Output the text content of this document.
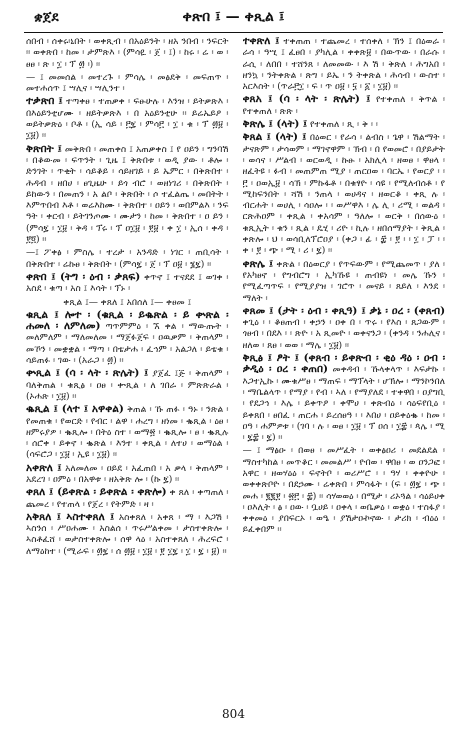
ቋጀደ	ቀጽበ ፤ — ቀጺል ፤

ሰበብ ፡ ሰቀሩ፡ኒበት ፡ ወቀጺብ ፡ በአዕይንት ፡ ዘአ ንበብ ፡ ንፍርት ፡፡ ወቀጽበ ፡ ከመ ፡ ታምጽእ ፡ (ምሳዪ ፡ ጀ ፡ ፤) ፡ ከሩ ፡ ሬ ፡ ወ ፡ ፀፀ ፡ ጽ ፡ ፲ ፡ ፕ ፴ ፡) ፡፡

— ፤ መመሰል ፡ መተረጉ ፡ ምሳሌ ፡ መፅደቅ ፡ መፍጠጥ ፡ መተሐሰጥ ፤ ሣሊና ፡ ሣሊንተ ፡

ተቃጽበ ፤ ተጣቀፀ ፡ ተጠቃቀ ፡ ፍፁሁሉ ፡ እንዝ ፡ ይትቃጽእ ፡ በእዕይንቲሆሙ ፡ ዘይትቃጽእ ፡ በ አዕይንቲሁ ፡፡ ይሬኤይዖ ፡ ወይትቃጽዕ ፡ ቦቶ ፡ (ኢ ሳይ ፡ ፫፯ ፡ ምሳ፫ ፡ ፲ ፡ ቁ ፡ ፕ ፴፱ ፡ ፲፱) ፡፡

ቅጽበት ፤ መቅጽበ ፡ መጠቀስ ፤ አጠቃቀስ ፤ የ ዐይን ፡ ግንባሽ ፡ በቆውመ ፡ ፍጥንት ፡ ጊዜ ፤ ቅጽበቱ ፡ ወዲ ያው ፡ ቶሎ ፡ ድንገት ፡ ጥቂት ፡ ሳይቆይ ፡ ሳይዘገይ ፡ ይ ኤምር ፡ በቅጽበተ ፡ ሕዳብ ፡ ዘበሀ ፡ ፀጊዜሁ ፡ ይጎ ብሮ ፡ ወዘነገሪ ፡ በቅጽበት ፡ ይከውን ፡ በመጠን ፡ አ ልቦ ፡ ቅጽበት ፡ ሶ ተፈልጤ ፡ መበትት ፡ እምጥበብ እቶ ፡ ወሬእከሙ ፡ ቅጽበተ ፡ ዐይን ፡ ወበምልእ ፡ ንፍ ዓት ፡ ቀርብ ፡ ይትገንጦሙ ፡ ሙታን ፡ ከመ ፡ ቅጽበተ ፡ ዐ ይን ፡ (ምሳ፯ ፡ ፲፱ ፡ ቅዳ ፡ ፕሩ ፡ ፕ ዐ፲፱ ፡ ፻፱ ፡ ቀ ፲ ፡ ኢሰ ፡ ቀዳ ፡ ፻፬) ፡፡

—፤ ፖቀፅ ፡ ምስሌ ፡ ተረታ ፡ አንዳድ ፡ ነገር ፡ ጠቢሳት ፡ በቅጽበተ ፡ ሬኩፀ ፡ ቅጽበት ፡ (ምሳ፯ ፡ ጀ ፡ ፕ ዐ፱ ፡ ፮፯) ፡፡

ቀጽበ ፤ (ትግ ፡ ዕብ ፡ ቃጸፍ) ቀጥኖ ፤ ተናደደ ፤ ወገቀ ፡ አስደ ፡ ቁጣ ፡ አስ ፤ እሳት ፡ ፕኑ ፡

ቀጺል ፤— ቀጸለ ፤ አበሰለ ፤— ቀፀመ ፤

ቁጺል ፤ ሎተ ፡ (ቁጺል ፡ ይቈጽል ፡ ይ ቍጽል ፡ ሐመለ ፡ ለምለመ) ጣጥምምዕ ፡ ኧ ቀል ፡ ማውጡት ፡ መለምለም ፡ ማለመለመ ፡ ማጀፉጀፍ ፡ ዐዉቃም ፡ ቅጠላም ፡ መኾን ፡ መቋቋል ፡ ማጣ ፡ በቴታሐ ፡ ፈኅም ፡ አልጋለ ፡ ይቴቁ ፡ ሳይጠፉ ፡ ገው ፡ (አራጋ ፡ ፴) ፡፡

ቍጺል ፤ (ሳ ፡ ላት ፡ ጽሌት) ፤ ያጀፈ ፤ጅ ፡ ቅጠላም ፡ ባለቅጠል ፡ ቁጺፅ ፡ ዐፀ ፡ ቍጺል ፡ ለ ገበራ ፡ ምጽጽራል ፡ (ኦሐጽ ፡ ፲፱) ፡፡

ቈጺል ፤ (ላተ ፤ አዋቀል) ቅጠል ፡ ኹ ጠፉ ፡ ዓኑ ፡ ንጽል ፡ የመጠቁ ፡ የወርድ ፡ የብር ፡ ልዋ ፡ ሐረግ ፡ ዘነመ ፡ ቈጺል ፡ ዕፀ ፡ ዘምሩያዎ ፡ ቈጺሎ ፡ በትዕ ስተ ፡ ወማ፳ ፡ ቈጺሎ ፡ ፀ ፡ ቈጺሉ ፡ ሰሮቀ ፡ ይቀኖ ፡ ቈጽል ፡ እንተ ፡ ቀጺል ፡ ለተሀ ፡ ወማዕል ፡ (ሳፍሮጋ ፡ ፲፱ ፡ ኢዩ ፡ ፲፱) ፡፡

አቀጽለ ፤ አለመለመ ፡ ዐይደ ፡ አፈጠበ ፡ አ ቃላ ፡ ቅጠላም ፡ አደረገ ፡ ዐምዕ ፡ በአዋቱ ፡ ዘአቅጽ ሎ ፡ (ኩ ፯) ፡፡

ቀጸለ ፤ (ይቀጽል ፡ ይቀጽል ፡ ቀጽሎ) ቀ ጸለ ፡ ቀጣጠለ ፡ ጨመረ ፡ የተጠላ ፡ የጀረ ፡ የትምድ ፡ ዛ ፡

አቅጸለ ፤ ኣስተቀጸለ ፤ አስቀጸለ ፡ አቀጸ ፡ ማ ፡ እጋሽ ፡ ኣስንሰ ፡ ሥዐሐሙ ፡ አስልሰ ፡ ጥሩሥልቀመ ፡ ታስተቀጽሎ ፡ ኣስቶፈሸ ፡ ወታስተቀጽሎ ፡ ሰዋ ላዕ ፡ አስተቀጸለ ፡ ሕረፍሮ ፡ ለማዕከተ ፡ (ሚራፍ ፡ ፴፯ ፡ ሰ ፴፱ ፡ ፲፱ ፡ ፻ ፲፯ ፡ ፲ ፡ ፯ ፡ ፱) ፡፡

ተቀጽለ ፤ ተቀጠጠ ፡ ተጨመረ ፡ ተሰቀለ ፡ ኽን ፤ በዕወራ ፡ ራሳ ፡ ዓሢ ፤ ፈፀበ ፡ ያካሊል ፡ ቀቀጽ፱ ፡ በውጥው ፡ በራሱ ፡ ራሲ ፡ ለበበ ፡ ተሸንጸ ፡ ለመመው ፡ እ ሽ ፡ ቅጽለ ፡ ሕግአበ ፡ ዘንኳ ፡ ንትቀጽል ፡ ጽግ ፡ ይኤ ፡ ን ትቀጽል ፡ ሕሳብ ፡ ውስተ ፡ አርእስት ፡ (ጥራ፫፲ ፡ ፍ ፡ ጥ ዐ፱ ፡ ፶ ፡ ፩ ፡ ፲፱) ፡፡

ቀጸአ ፤ (ሳ ፡ ላት ፡ ጽሌት) ፤ የተቀጠለ ፡ ቅጥል ፡ የተቀጠለ ፡ ጽጽ ፡

ቅጽሌ ፤ (ላት) ፤ የተቀጠለ ፡ ጺ ፡ ቅ ፡ ፡

ቅጸል ፤ (ላት) ፤ በዕወር ፡ የራሳ ፡ ልብስ ፡ ጌዋ ፡ ሽልማት ፡ ታናጽም ፡ ታሳወም ፡ ማገኖዋም ፡ ኽብ ፡ በ የወመሮ ፡ በያይታት ፡ ወሳና ፡ ሥልብ ፡ ወርወዲ ፡ ኩፁ ፡ አክሊላ ፡ ዘወፀ ፡ ዋፀላ ፡ ዘፈትዩ ፡ ፉብ ፡ መጠምጠ ሚያ ፡ ጠርዐወ ፡ ባርኤ ፡ የወርያ ፡ ፡ ፫ ፡ ዐወኢ፱ ፡ ሳኽ ፡ ምኩፋቶ ፡ በቁፃዮ ፡ ሳዩ ፡ የሚለብሰቶ ፡ የ ሚከፍንበት ፡ ሻሽ ፡ ንጠላ ፡ ወሀዳና ፡ ዘወርቆ ፡ ቀጺ ሉ ፡ ብርሐት ፡ ወሀሊ ፡ ሳዐሎ ፡ ፡ ወሥዋእ ፡ ሌ ሊ ፡ ሪሚ ፡ ወልዳ ፡ ርጽሕዐም ፡ ቀጺል ፡ ቀአሳም ፡ ዓለሎ ፡ ወርቅ ፡ በሰውዕ ፡ ቁጺኢት ፡ ቁን ፡ ጺል ፡ ዴሂ ፡ ሪዮ ፡ ኪሉ ፡ ዘበሰማያት ፡ ቅጺል ፡ ቀጽሎ ፡ ህ ፡ ወሳቢለፕሮዐያ ፡ (ቀጋ ፡ ፊ ፡ ፰ ፡ ፻ ፡ ፡ ፲ ፡ ፓ ፡ ፡ ቀ ፡ ፻ ፡ ጭ ፡ ሚ ፡ ሪ ፡ ፯) ፡፡

ቀጽሌ ፤ ቀጽል ፡ በዕወርያ ፡ የጥፍውም ፡ የሚጨመጥ ፡ ያለ ፡ የአካፀኖ ፡ የግብሮግ ፡ ኢካኹዩ ፡ ጠብዩነ ፡ መሌ ኹን ፡ የሚፈጣጥፍ ፡ የሚያያዝ ፡ ገሮጥ ፡ መናይ ፡ ጸይለ ፡ እንደ ፡ ማለት ፡

ቀጸመ ፤ (ታት ፡ ዕብ ፡ ቀጺዓ) ፤ ቃኔ ፡ ዐረ ፡ (ቀጸብ) ቀጊዕ ፡ ፡ ቆፀጠብ ፡ ቀኃን ፡ ዐቀ በ ፡ ጥሩ ፡ የእስ ፡ ጸጋውም ፡ ጎፀብ ፡ በደእ ፡ ፡ ጽዮ ፡ አ ጺመዮ ፡ ወቀናንጋ ፡ (ቀንዳ ፡ ንሐሊና ፡ ዘለወ ፡ ጸፀ ፡ ወወ ፡ ማሌ ፡ ፲፱) ፡፡

ቅጺፅ ፤ ፆት ፤ (ቀጸብ ፡ ይቀጽብ ፡ ቂዕ ዳዕ ፡ ዐብ ፡ ቃዲዕ ፡ ዐረ ፡ ቀጠበ) መቀዳብ ፡ ኹላቀላጥ ፡ እፍታኩ ፡ እጋተኢኩ ፡ ሙቁሥፀ ፡ ማጠፍ ፡ ማፕላት ፡ ሆኽሎ ፡ ማንኮንበለ ፡ ማቤልላጥ ፡ የማያ ፡ የብ ፡ ኣለ ፡ የማያለደ ፡ ተቀዋበ ፡ ዐያግቢ ፡ የደጋኅ ፡ እሌ ፡ ይቀጥዖ ፡ ቀሞሀ ፡ ቀጽብዕ ፡ ሳዕፍየቢዕ ፡ ይቀጸበ ፡ ፀበፈ ፡ ጠርሐ ፡ ይረሰፀዓ ፡ ፡ እበሀ ፡ ዐይቀዕቈ ፡ ከመ ፡ ዐዓ ፡ ሐምዎቱ ፡ (ገባ ፡ ሉ ፡ ወፀ ፡ ፲፱ ፡ ፕ ዐሰ ፡ ፲፰ ፡ ጳሌ ፡ ሚ ፡ ፯፰ ፡ ፯) ፡፡

— ፤ ማፅዑ ፡ በወፀ ፡ መሥፈት ፡ ወቀፅዐሪ ፡ መደልደል ፡ ማስተካከል ፡ መጥቆር ፡ መመልሥ ፡ ዮበወ ፡ ዋበፀ ፡ ወ ዐንጋፎ ፡ አዋር ፡ ዘወሃዕዕ ፡ ፍኖትቦ ፡ ወሪሥሮ ፡ ፡ ዓሃ ፡ ቀቀዮሁ ፡ ወቀቀጽቦዮ ፡ በደኃሙ ፡ ሬቀጽበ ፡ ምሳፋት ፡ (ፍ ፡ ፴፯ ፡ ጭ ፡ መሐ ፡ ፪፪፻ ፡ ፳፫ ፡ ፰) ፡፡ ሳሃወወዕ ፡ በሚታ ፡ ሪኦጓል ፡ ሳዕይሀቀ ፡ ዐእሊት ፡ ፅ ፡ ዐው ፡ ቧሀይ ፡ ዐቀላ ፡ ወቤቃዕ ፡ ወቋዕ ፡ ተስፋያ ፡ ቀቀመዕ ፡ ያበፍርኦ ፡ ወዔ ፡ ያሽታዐኯኖው ፡ ታሪክ ፡ ብዕዕ ፡ ይፈቀበም ፡፡

804
